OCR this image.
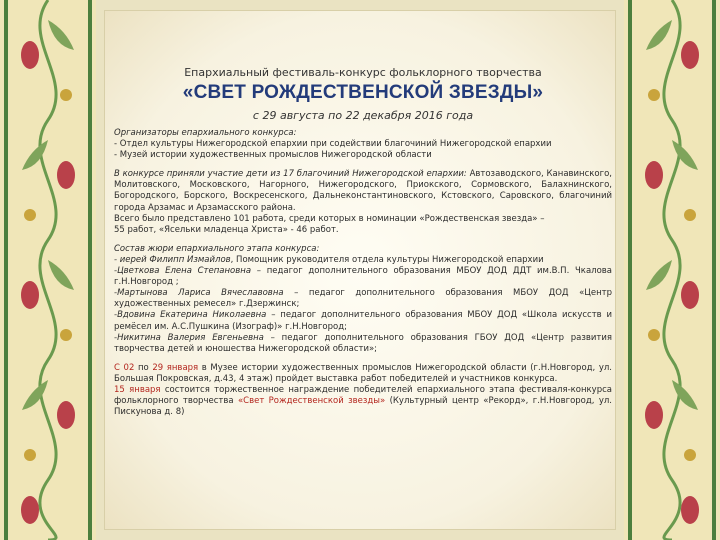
Епархиальный фестиваль-конкурс фольклорного творчества

«СВЕТ РОЖДЕСТВЕНСКОЙ ЗВЕЗДЫ»

с 29 августа по 22 декабря 2016 года

Организаторы епархиального конкурса:

- Отдел культуры Нижегородской епархии при содействии благочиний Нижегородской епархии

- Музей истории художественных промыслов Нижегородской области

В конкурсе приняли участие дети из 17 благочиний Нижегородской епархии: Автозаводского, Канавинского, Молитовского, Московского, Нагорного, Нижегородского, Приокского, Сормовского, Балахнинского, Богородского, Борского, Воскресенского, Дальнеконстантиновского, Кстовского, Саровского, благочиний города Арзамас и Арзамасского района.

Всего было представлено 101 работа, среди которых в номинации «Рождественская звезда» –

55 работ, «Ясельки младенца Христа» - 46 работ.

Состав жюри епархиального этапа конкурса:

- иерей Филипп Измайлов, Помощник руководителя отдела культуры Нижегородской епархии

-Цветкова Елена Степановна – педагог дополнительного образования МБОУ ДОД ДДТ им.В.П. Чкалова г.Н.Новгород ;

-Мартынова Лариса Вячеславовна – педагог дополнительного образования МБОУ ДОД «Центр художественных ремесел» г.Дзержинск;

-Вдовина Екатерина Николаевна – педагог дополнительного образования МБОУ ДОД «Школа искусств и ремёсел им. А.С.Пушкина (Изограф)» г.Н.Новгород;

-Никитина Валерия Евгеньевна – педагог дополнительного образования ГБОУ ДОД «Центр развития творчества детей и юношества Нижегородской области»;

С 02 по 29 января в Музее истории художественных промыслов Нижегородской области (г.Н.Новгород, ул. Большая Покровская, д.43, 4 этаж) пройдет выставка работ победителей и участников конкурса.

15 января состоится торжественное награждение победителей епархиального этапа фестиваля-конкурса фольклорного творчества «Свет Рождественской звезды» (Культурный центр «Рекорд», г.Н.Новгород, ул. Пискунова д. 8)
